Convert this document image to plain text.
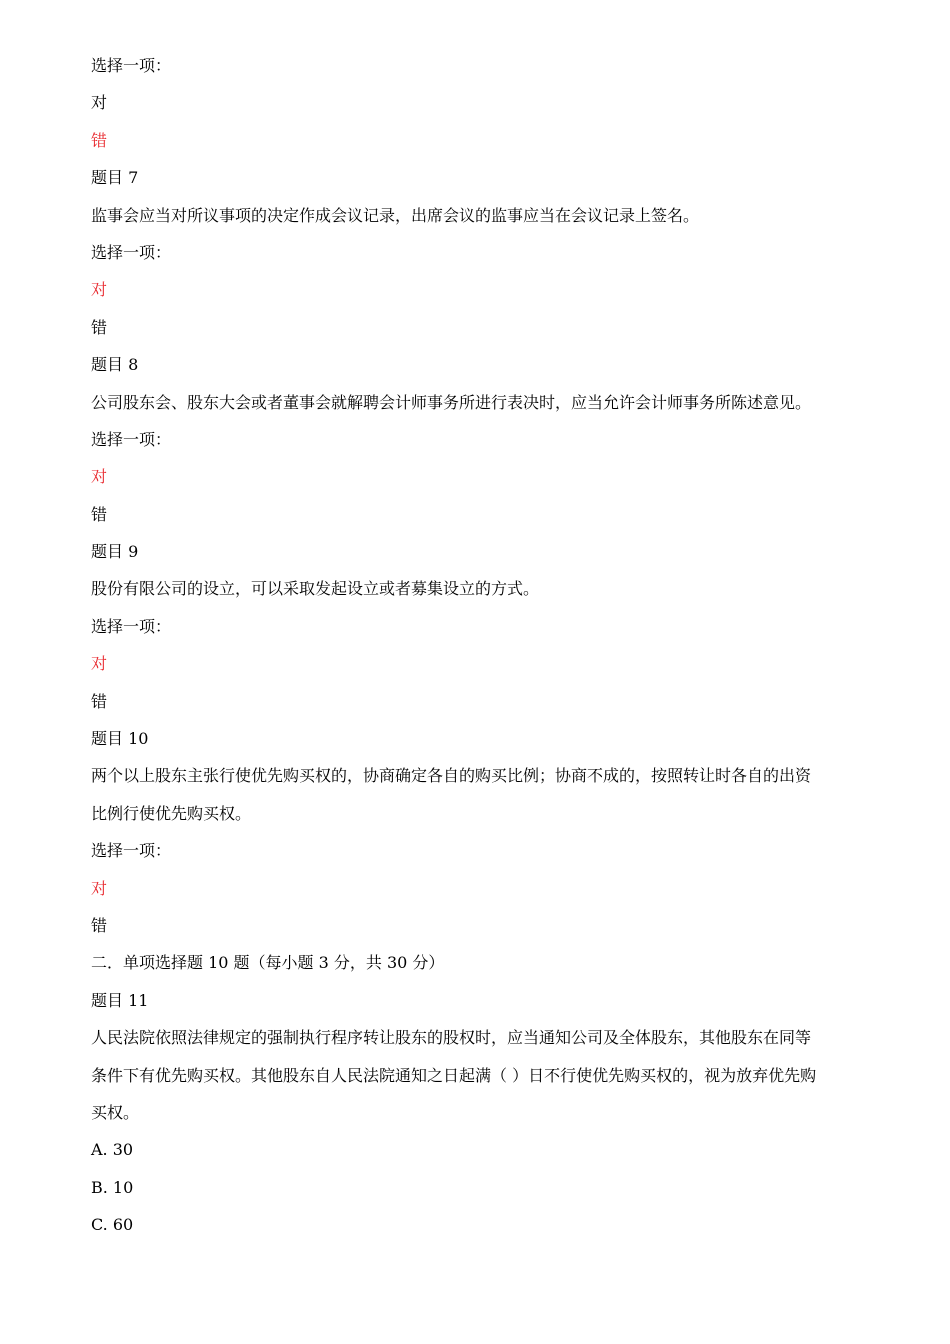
选择一项：
对
错
题目 7
监事会应当对所议事项的决定作成会议记录，出席会议的监事应当在会议记录上签名。
选择一项：
对
错
题目 8
公司股东会、股东大会或者董事会就解聘会计师事务所进行表决时，应当允许会计师事务所陈述意见。
选择一项：
对
错
题目 9
股份有限公司的设立，可以采取发起设立或者募集设立的方式。
选择一项：
对
错
题目 10
两个以上股东主张行使优先购买权的，协商确定各自的购买比例；协商不成的，按照转让时各自的出资
比例行使优先购买权。
选择一项：
对
错
二．单项选择题 10 题（每小题 3 分，共 30 分）
题目 11
人民法院依照法律规定的强制执行程序转让股东的股权时，应当通知公司及全体股东，其他股东在同等
条件下有优先购买权。其他股东自人民法院通知之日起满（ ）日不行使优先购买权的，视为放弃优先购
买权。
A. 30
B. 10
C. 60
